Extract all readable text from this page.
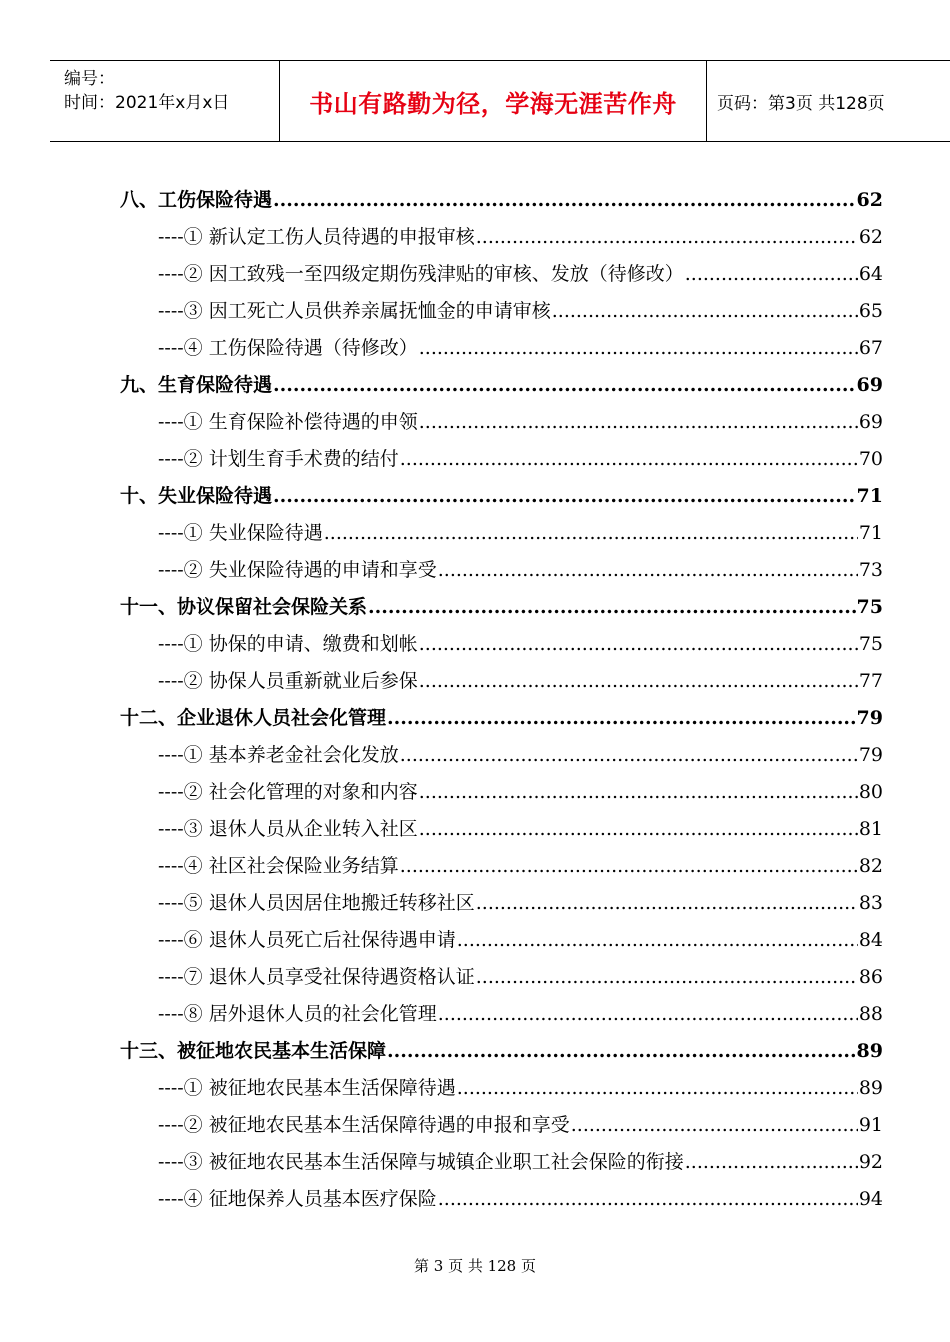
编号：
时间：2021年x月x日	书山有路勤为径，学海无涯苦作舟	页码：第3页 共128页
八、工伤保险待遇 .....	62
----① 新认定工伤人员待遇的申报审核 .....	62
----② 因工致残一至四级定期伤残津贴的审核、发放（待修改） .....	64
----③ 因工死亡人员供养亲属抚恤金的申请审核 .....	65
----④ 工伤保险待遇（待修改） .....	67
九、生育保险待遇 .....	69
----① 生育保险补偿待遇的申领 .....	69
----② 计划生育手术费的结付 .....	70
十、失业保险待遇 .....	71
----① 失业保险待遇 .....	71
----② 失业保险待遇的申请和享受 .....	73
十一、协议保留社会保险关系 .....	75
----① 协保的申请、缴费和划帐 .....	75
----② 协保人员重新就业后参保 .....	77
十二、企业退休人员社会化管理 .....	79
----① 基本养老金社会化发放 .....	79
----② 社会化管理的对象和内容 .....	80
----③ 退休人员从企业转入社区 .....	81
----④ 社区社会保险业务结算 .....	82
----⑤ 退休人员因居住地搬迁转移社区 .....	83
----⑥ 退休人员死亡后社保待遇申请 .....	84
----⑦ 退休人员享受社保待遇资格认证 .....	86
----⑧ 居外退休人员的社会化管理 .....	88
十三、被征地农民基本生活保障 .....	89
----① 被征地农民基本生活保障待遇 .....	89
----② 被征地农民基本生活保障待遇的申报和享受 .....	91
----③ 被征地农民基本生活保障与城镇企业职工社会保险的衔接 .....	92
----④ 征地保养人员基本医疗保险 .....	94
第 3 页 共 128 页
